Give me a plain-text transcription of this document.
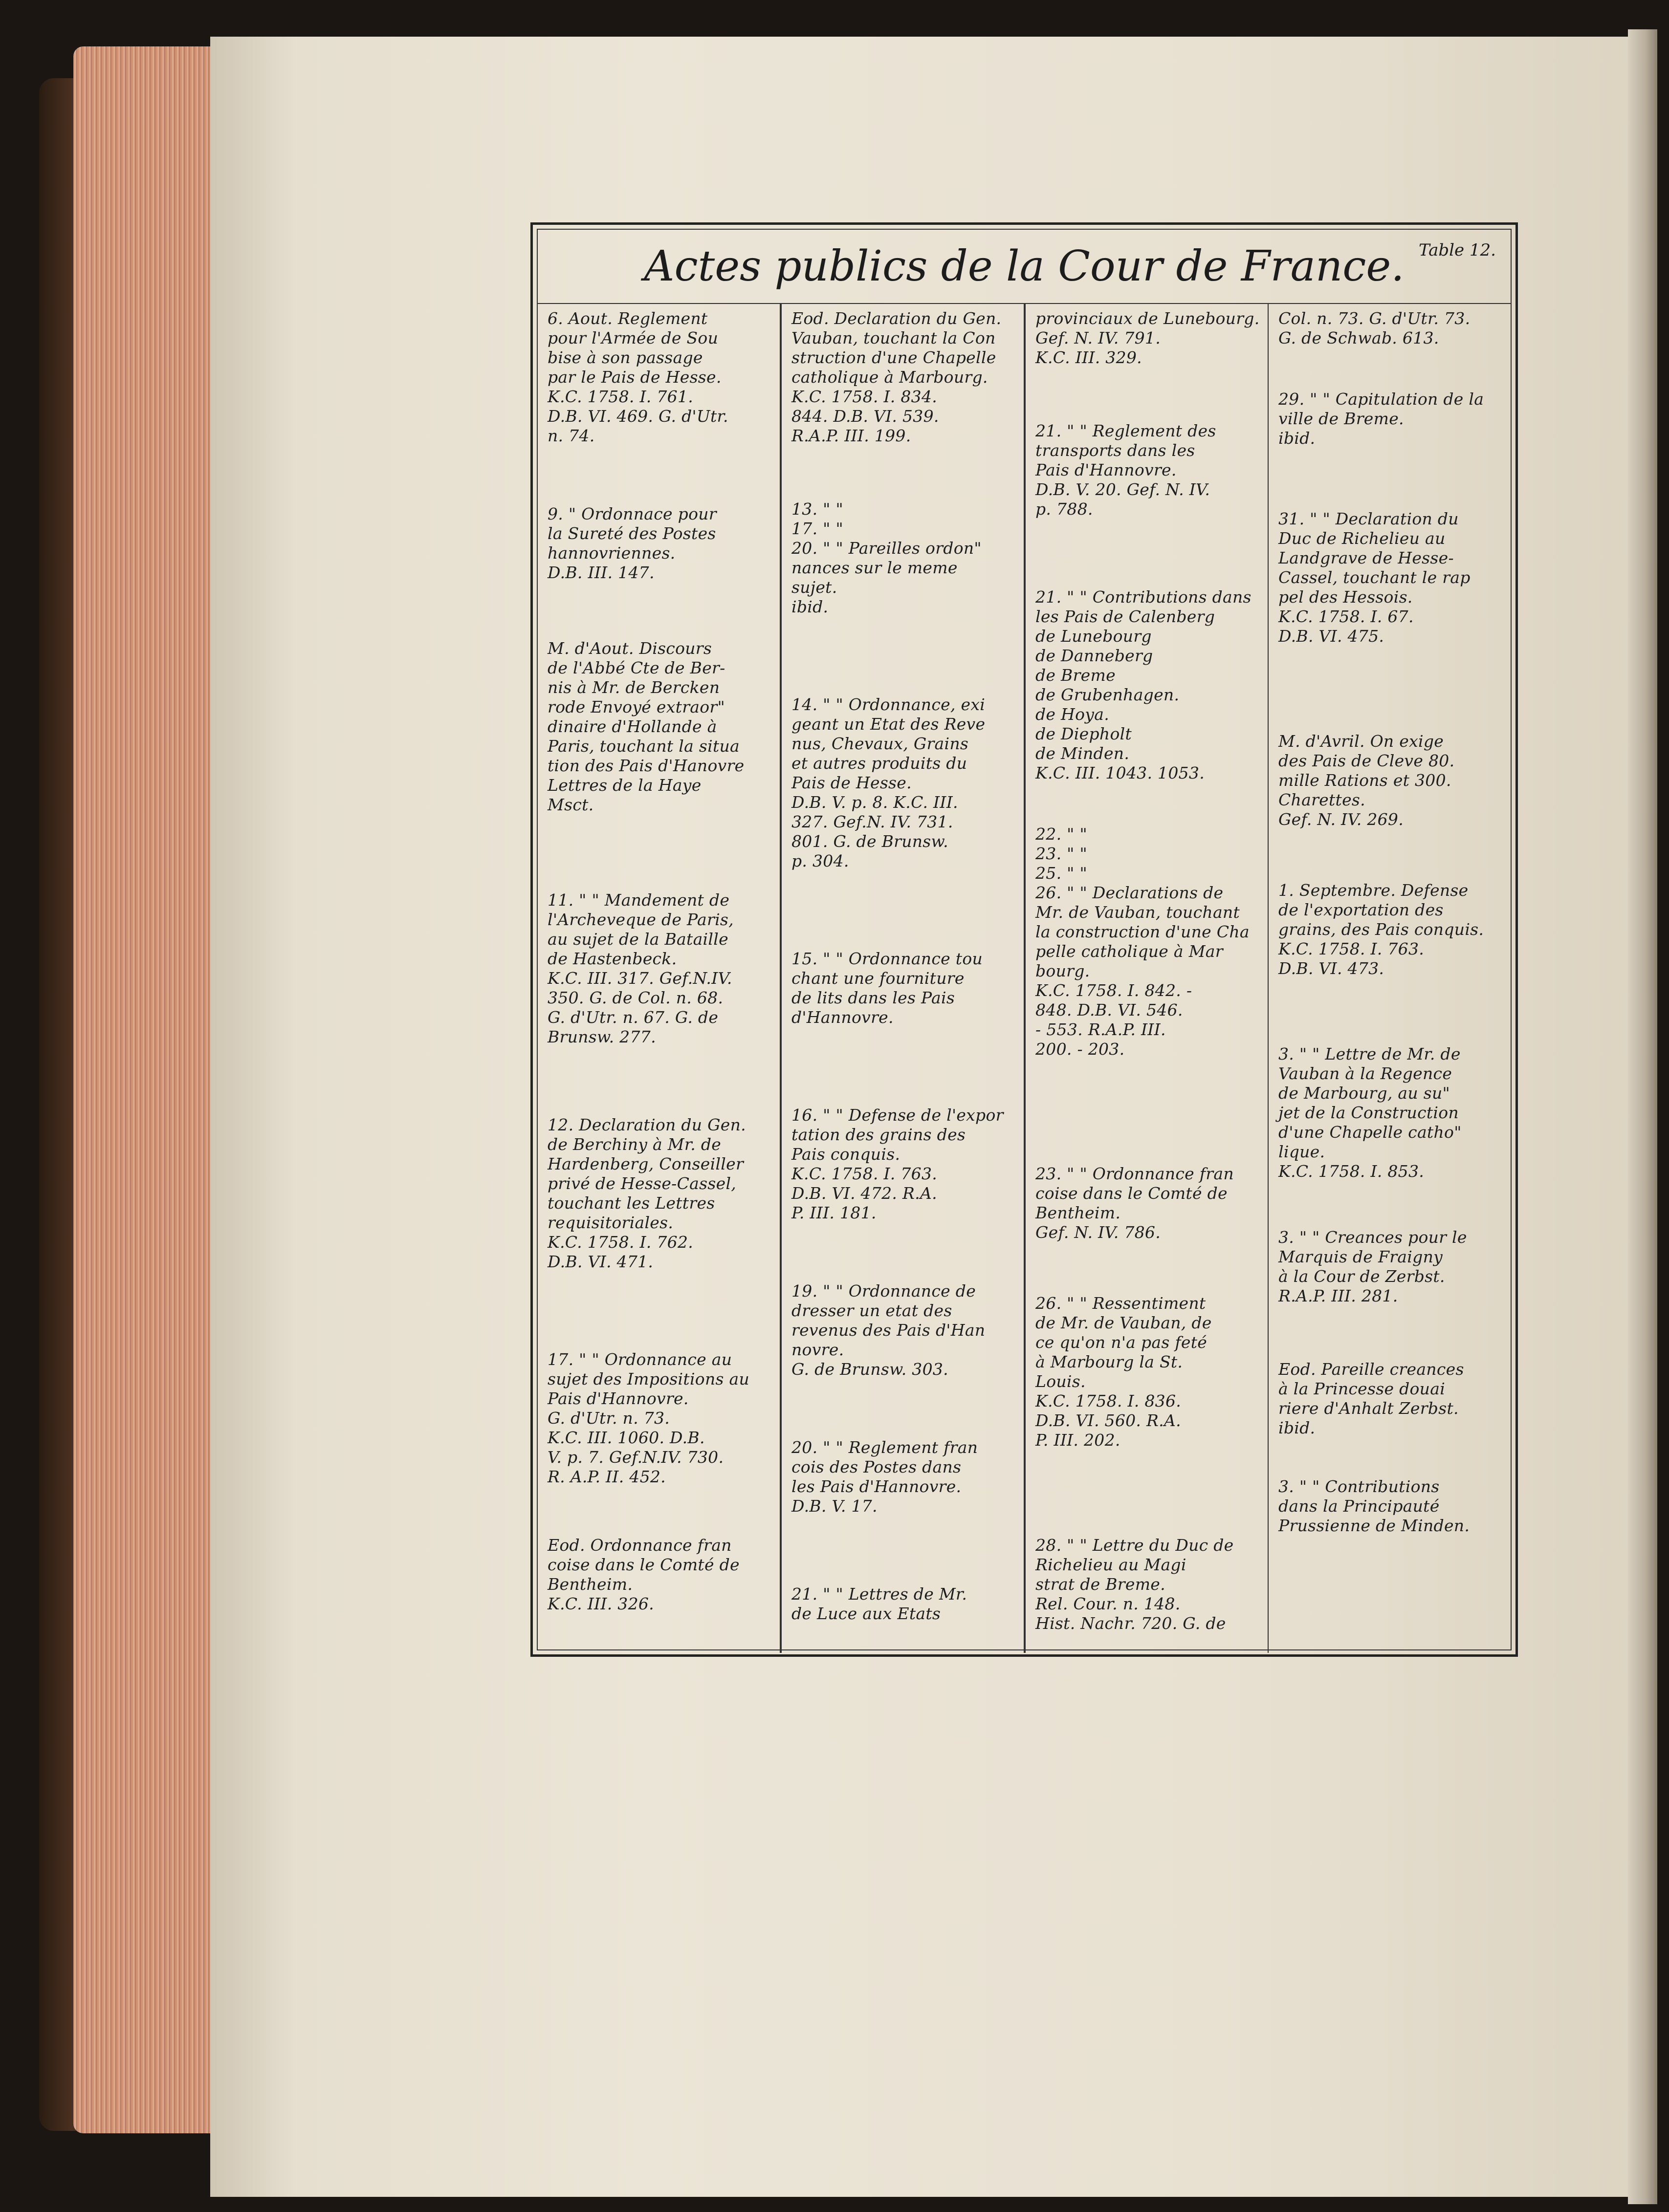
Actes publics de la Cour de France. Table 12.
6. Aout. Reglement
pour l'Armée de Sou
bise à son passage
par le Pais de Hesse.
K.C. 1758. I. 761.
D.B. VI. 469. G. d'Utr.
n. 74.
9. " Ordonnace pour
la Sureté des Postes
hannovriennes.
D.B. III. 147.
M. d'Aout. Discours
de l'Abbé Cte de Ber-
nis à Mr. de Bercken
rode Envoyé extraor"
dinaire d'Hollande à
Paris, touchant la situa
tion des Pais d'Hanovre
Lettres de la Haye
Msct.
11. " " Mandement de
l'Archeveque de Paris,
au sujet de la Bataille
de Hastenbeck.
K.C. III. 317. Gef.N.IV.
350. G. de Col. n. 68.
G. d'Utr. n. 67. G. de
Brunsw. 277.
12. Declaration du Gen.
de Berchiny à Mr. de
Hardenberg, Conseiller
privé de Hesse-Cassel,
touchant les Lettres
requisitoriales.
K.C. 1758. I. 762.
D.B. VI. 471.
17. " " Ordonnance au
sujet des Impositions au
Pais d'Hannovre.
G. d'Utr. n. 73.
K.C. III. 1060. D.B.
V. p. 7. Gef.N.IV. 730.
R. A.P. II. 452.
Eod. Ordonnance fran
coise dans le Comté de
Bentheim.
K.C. III. 326.
Eod. Declaration du Gen.
Vauban, touchant la Con
struction d'une Chapelle
catholique à Marbourg.
K.C. 1758. I. 834.
844. D.B. VI. 539.
R.A.P. III. 199.
13. " "
17. " "
20. " " Pareilles ordon"
nances sur le meme
sujet.
ibid.
14. " " Ordonnance, exi
geant un Etat des Reve
nus, Chevaux, Grains
et autres produits du
Pais de Hesse.
D.B. V. p. 8. K.C. III.
327. Gef.N. IV. 731.
801. G. de Brunsw.
p. 304.
15. " " Ordonnance tou
chant une fourniture
de lits dans les Pais
d'Hannovre.
16. " " Defense de l'expor
tation des grains des
Pais conquis.
K.C. 1758. I. 763.
D.B. VI. 472. R.A.
P. III. 181.
19. " " Ordonnance de
dresser un etat des
revenus des Pais d'Han
novre.
G. de Brunsw. 303.
20. " " Reglement fran
cois des Postes dans
les Pais d'Hannovre.
D.B. V. 17.
21. " " Lettres de Mr.
de Luce aux Etats
provinciaux de Lunebourg.
Gef. N. IV. 791.
K.C. III. 329.
21. " " Reglement des
transports dans les
Pais d'Hannovre.
D.B. V. 20. Gef. N. IV.
p. 788.
21. " " Contributions dans
les Pais de Calenberg
de Lunebourg
de Danneberg
de Breme
de Grubenhagen.
de Hoya.
de Diepholt
de Minden.
K.C. III. 1043. 1053.
22. " "
23. " "
25. " "
26. " " Declarations de
Mr. de Vauban, touchant
la construction d'une Cha
pelle catholique à Mar
bourg.
K.C. 1758. I. 842. -
848. D.B. VI. 546.
- 553. R.A.P. III.
200. - 203.
23. " " Ordonnance fran
coise dans le Comté de
Bentheim.
Gef. N. IV. 786.
26. " " Ressentiment
de Mr. de Vauban, de
ce qu'on n'a pas feté
à Marbourg la St.
Louis.
K.C. 1758. I. 836.
D.B. VI. 560. R.A.
P. III. 202.
28. " " Lettre du Duc de
Richelieu au Magi
strat de Breme.
Rel. Cour. n. 148.
Hist. Nachr. 720. G. de
Col. n. 73. G. d'Utr. 73.
G. de Schwab. 613.
29. " " Capitulation de la
ville de Breme.
ibid.
31. " " Declaration du
Duc de Richelieu au
Landgrave de Hesse-
Cassel, touchant le rap
pel des Hessois.
K.C. 1758. I. 67.
D.B. VI. 475.
M. d'Avril. On exige
des Pais de Cleve 80.
mille Rations et 300.
Charettes.
Gef. N. IV. 269.
1. Septembre. Defense
de l'exportation des
grains, des Pais conquis.
K.C. 1758. I. 763.
D.B. VI. 473.
3. " " Lettre de Mr. de
Vauban à la Regence
de Marbourg, au su"
jet de la Construction
d'une Chapelle catho"
lique.
K.C. 1758. I. 853.
3. " " Creances pour le
Marquis de Fraigny
à la Cour de Zerbst.
R.A.P. III. 281.
Eod. Pareille creances
à la Princesse douai
riere d'Anhalt Zerbst.
ibid.
3. " " Contributions
dans la Principauté
Prussienne de Minden.
